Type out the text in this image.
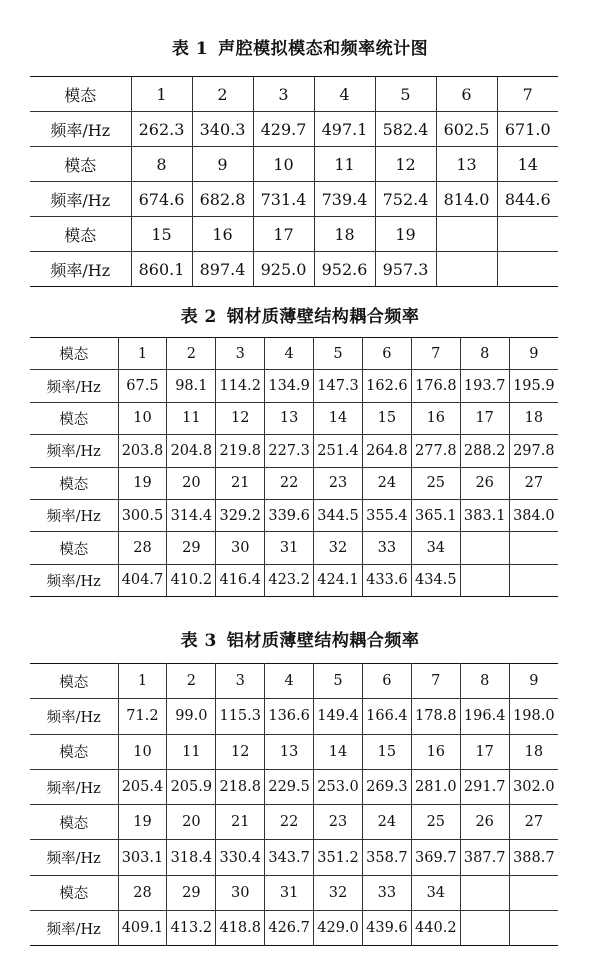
表 1 声腔模拟模态和频率统计图
模态	1	2	3	4	5	6	7
频率/Hz	262.3	340.3	429.7	497.1	582.4	602.5	671.0
模态	8	9	10	11	12	13	14
频率/Hz	674.6	682.8	731.4	739.4	752.4	814.0	844.6
模态	15	16	17	18	19		
频率/Hz	860.1	897.4	925.0	952.6	957.3		
表 2 钢材质薄壁结构耦合频率
模态	1	2	3	4	5	6	7	8	9
频率/Hz	67.5	98.1	114.2	134.9	147.3	162.6	176.8	193.7	195.9
模态	10	11	12	13	14	15	16	17	18
频率/Hz	203.8	204.8	219.8	227.3	251.4	264.8	277.8	288.2	297.8
模态	19	20	21	22	23	24	25	26	27
频率/Hz	300.5	314.4	329.2	339.6	344.5	355.4	365.1	383.1	384.0
模态	28	29	30	31	32	33	34		
频率/Hz	404.7	410.2	416.4	423.2	424.1	433.6	434.5		
表 3 铝材质薄壁结构耦合频率
模态	1	2	3	4	5	6	7	8	9
频率/Hz	71.2	99.0	115.3	136.6	149.4	166.4	178.8	196.4	198.0
模态	10	11	12	13	14	15	16	17	18
频率/Hz	205.4	205.9	218.8	229.5	253.0	269.3	281.0	291.7	302.0
模态	19	20	21	22	23	24	25	26	27
频率/Hz	303.1	318.4	330.4	343.7	351.2	358.7	369.7	387.7	388.7
模态	28	29	30	31	32	33	34		
频率/Hz	409.1	413.2	418.8	426.7	429.0	439.6	440.2		
